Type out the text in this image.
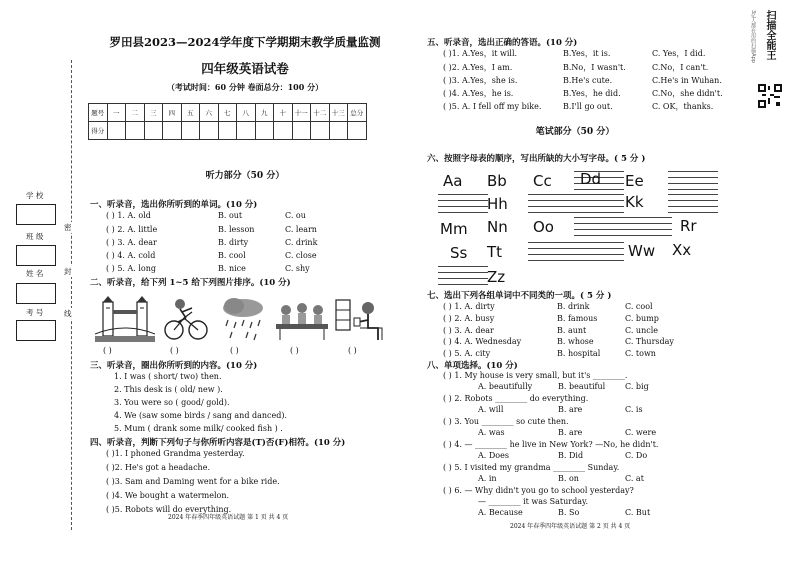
学 校
班 级
姓 名
考 号
密
封
线
罗田县2023—2024学年度下学期期末教学质量监测
四年级英语试卷
（考试时间：60 分钟 卷面总分：100 分）
题号	一	二	三	四	五	六	七	八	九	十	十一	十二	十三	总分
得分														
听力部分（50 分）
一、听录音，选出你所听到的单词。(10 分)
( ) 1. A. old	B. out	C. ou
( ) 2. A. little	B. lesson	C. learn
( ) 3. A. dear	B. dirty	C. drink
( ) 4. A. cold	B. cool	C. close
( ) 5. A. long	B. nice	C. shy
二、听录音，给下列 1~5 给下列图片排序。(10 分)
( )	( )	( )	( )	( )
三、听录音，圈出你所听到的内容。(10 分)
1. I was ( short/ two) then.
2. This desk is ( old/ new ).
3. You were so ( good/ gold).
4. We (saw some birds / sang and danced).
5. Mum ( drank some milk/ cooked fish ) .
四、听录音，判断下列句子与你所听内容是(T)否(F)相符。(10 分)
( )1. I phoned Grandma yesterday.
( )2. He's got a headache.
( )3. Sam and Daming went for a bike ride.
( )4. We bought a watermelon.
( )5. Robots will do everything.
2024 年春季四年级英语试题 第 1 页 共 4 页
五、听录音，选出正确的答语。(10 分)
( )1. A.Yes，it will.	B.Yes，it is.	C. Yes，I did.
( )2. A.Yes，I am.	B.No，I wasn't.	C.No，I can't.
( )3. A.Yes，she is.	B.He's cute.	C.He's in Wuhan.
( )4. A.Yes，he is.	B.Yes，he did.	C.No，she didn't.
( )5. A. I fell off my bike.	B.I'll go out.	C. OK，thanks.
笔试部分（50 分）
六、按照字母表的顺序，写出所缺的大小写字母。( 5 分 )
Aa Bb Cc Dd Ee
Hh	Kk
Mm Nn Oo	Rr
Ss Tt	Ww Xx
Zz
七、选出下列各组单词中不同类的一项。( 5 分 )
( ) 1. A. dirty	B. drink	C. cool
( ) 2. A. busy	B. famous	C. bump
( ) 3. A. dear	B. aunt	C. uncle
( ) 4. A. Wednesday	B. whose	C. Thursday
( ) 5. A. city	B. hospital	C. town
八、单项选择。(10 分)
( ) 1. My house is very small, but it's ________.
A. beautifully	B. beautiful C. big
( ) 2. Robots ________ do everything.
A. will	B. are	C. is
( ) 3. You ________ so cute then.
A. was	B. are	C. were
( ) 4. — ________ he live in New York? —No, he didn't.
A. Does	B. Did	C. Do
( ) 5. I visited my grandma ________ Sunday.
A. in	B. on	C. at
( ) 6. — Why didn't you go to school yesterday?
— ________ it was Saturday.
A. Because	B. So	C. But
2024 年春季四年级英语试题 第 2 页 共 4 页
扫描全能王
3亿人都在用的扫描App
